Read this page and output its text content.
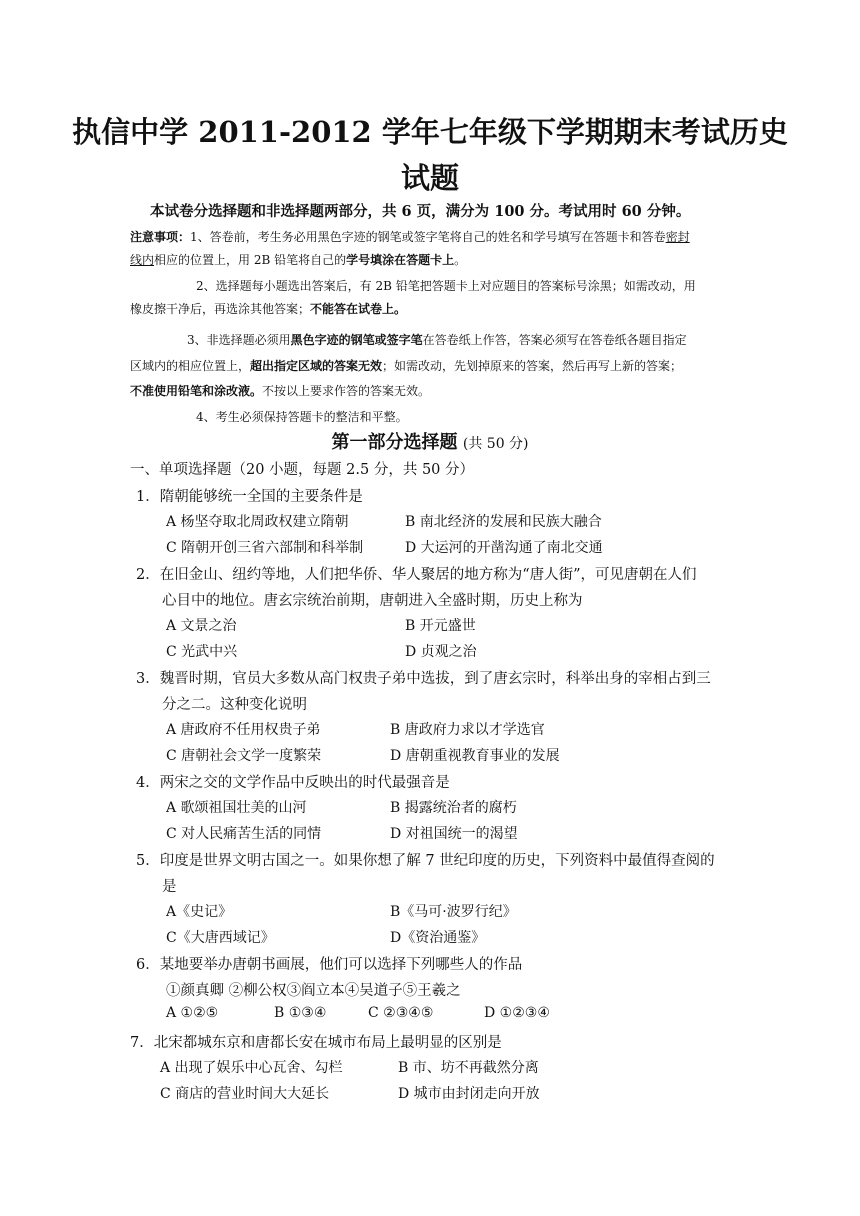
执信中学 2011-2012 学年七年级下学期期末考试历史
试题
本试卷分选择题和非选择题两部分，共 6 页，满分为 100 分。考试用时 60 分钟。
注意事项：1、答卷前，考生务必用黑色字迹的钢笔或签字笔将自己的姓名和学号填写在答题卡和答卷密封
线内相应的位置上，用 2B 铅笔将自己的学号填涂在答题卡上。
2、选择题每小题选出答案后，有 2B 铅笔把答题卡上对应题目的答案标号涂黑；如需改动，用
橡皮擦干净后，再选涂其他答案；不能答在试卷上。
3、非选择题必须用黑色字迹的钢笔或签字笔在答卷纸上作答，答案必须写在答卷纸各题目指定
区域内的相应位置上，超出指定区域的答案无效；如需改动，先划掉原来的答案，然后再写上新的答案；
不准使用铅笔和涂改液。不按以上要求作答的答案无效。
4、考生必须保持答题卡的整洁和平整。
第一部分选择题 (共 50 分)
一、单项选择题（20 小题，每题 2.5 分，共 50 分）
1．隋朝能够统一全国的主要条件是
A 杨坚夺取北周政权建立隋朝	B 南北经济的发展和民族大融合
C 隋朝开创三省六部制和科举制	D 大运河的开凿沟通了南北交通
2．在旧金山、纽约等地，人们把华侨、华人聚居的地方称为“唐人街”，可见唐朝在人们
心目中的地位。唐玄宗统治前期，唐朝进入全盛时期，历史上称为
A 文景之治	B 开元盛世
C 光武中兴	D 贞观之治
3．魏晋时期，官员大多数从高门权贵子弟中选拔，到了唐玄宗时，科举出身的宰相占到三
分之二。这种变化说明
A 唐政府不任用权贵子弟	B 唐政府力求以才学选官
C 唐朝社会文学一度繁荣	D 唐朝重视教育事业的发展
4．两宋之交的文学作品中反映出的时代最强音是
A 歌颂祖国壮美的山河	B 揭露统治者的腐朽
C 对人民痛苦生活的同情	D 对祖国统一的渴望
5．印度是世界文明古国之一。如果你想了解 7 世纪印度的历史，下列资料中最值得查阅的
是
A《史记》	B《马可·波罗行纪》
C《大唐西域记》	D《资治通鉴》
6．某地要举办唐朝书画展，他们可以选择下列哪些人的作品
①颜真卿 ②柳公权③阎立本④吴道子⑤王羲之
A ①②⑤	B ①③④	C ②③④⑤	D ①②③④
7．北宋都城东京和唐都长安在城市布局上最明显的区别是
A 出现了娱乐中心瓦舍、勾栏	B 市、坊不再截然分离
C 商店的营业时间大大延长	D 城市由封闭走向开放
